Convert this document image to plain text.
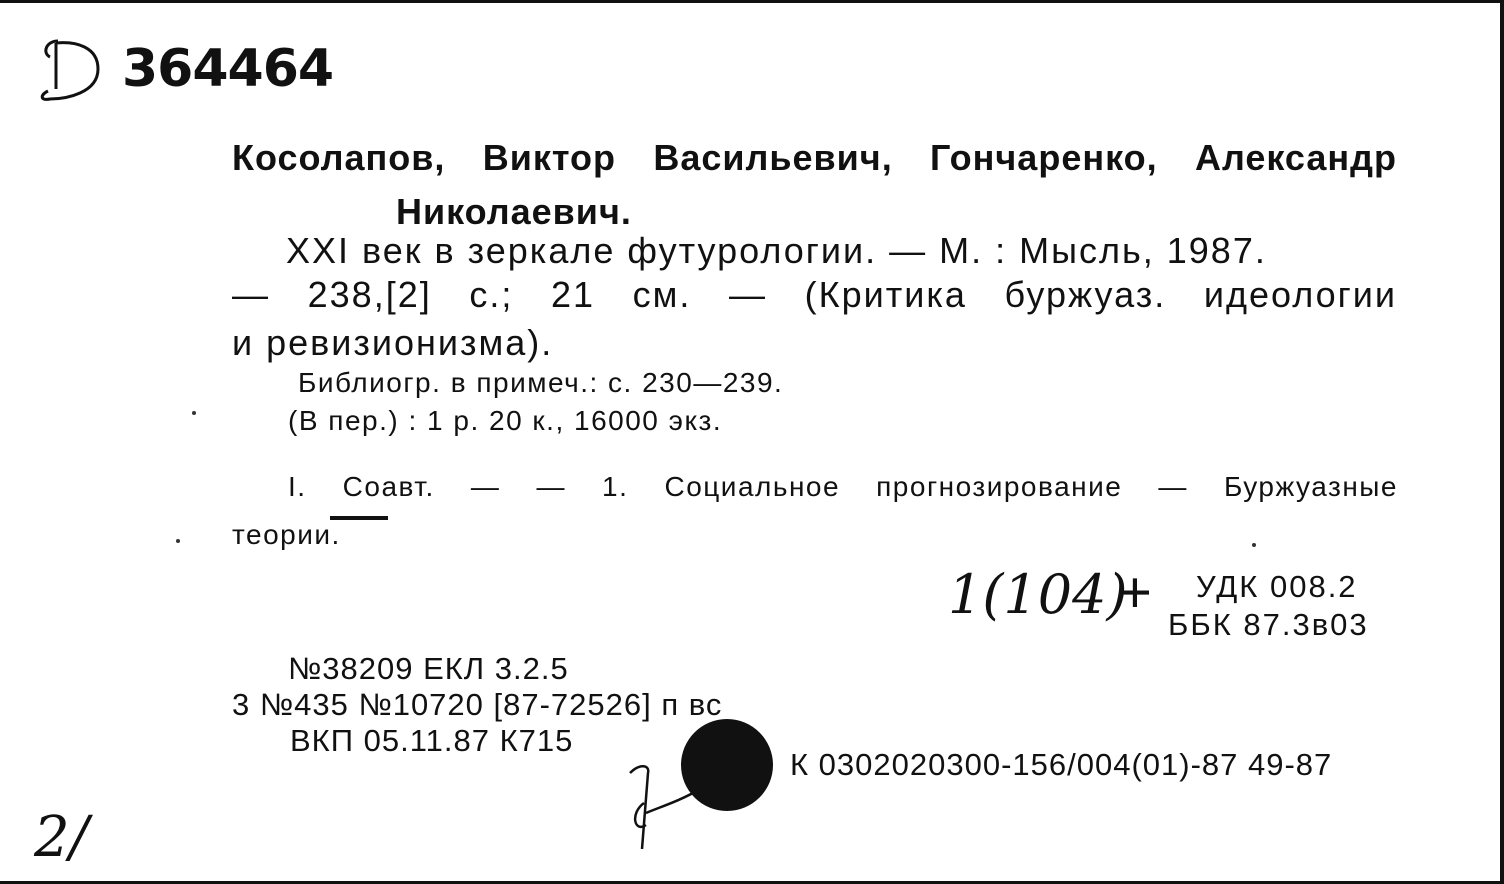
364464
Косолапов, Виктор Васильевич, Гончаренко, Александр
Николаевич.
XXI век в зеркале футурологии. — М. : Мысль, 1987.
— 238,[2] с.; 21 см. — (Критика буржуаз. идеологии
и ревизионизма).
Библиогр. в примеч.: с. 230—239.
(В пер.) : 1 р. 20 к., 16000 экз.
I. Соавт. — — 1. Социальное прогнозирование — Буржуазные
теории.
1(104)
+ УДК 008.2
ББК 87.3в03
№38209 ЕКЛ 3.2.5
3 №435 №10720 [87-72526] п вс
ВКП 05.11.87 К715
К 0302020300-156/004(01)-87 49-87
2/
